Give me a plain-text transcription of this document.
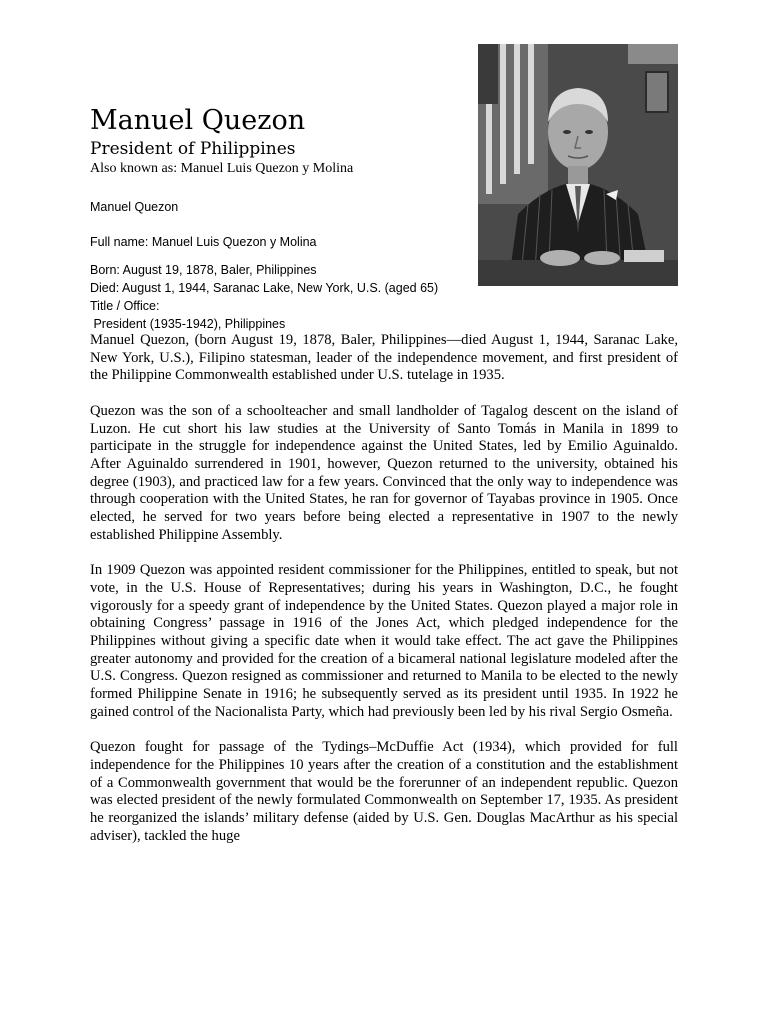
Manuel Quezon
President of Philippines
Also known as: Manuel Luis Quezon y Molina
Manuel Quezon
Full name: Manuel Luis Quezon y Molina
Born: August 19, 1878, Baler, Philippines
Died: August 1, 1944, Saranac Lake, New York, U.S. (aged 65)
Title / Office:
President (1935-1942), Philippines

Manuel Quezon, (born August 19, 1878, Baler, Philippines—died August 1, 1944, Saranac Lake, New York, U.S.), Filipino statesman, leader of the independence movement, and first president of the Philippine Commonwealth established under U.S. tutelage in 1935.

Quezon was the son of a schoolteacher and small landholder of Tagalog descent on the island of Luzon. He cut short his law studies at the University of Santo Tomás in Manila in 1899 to participate in the struggle for independence against the United States, led by Emilio Aguinaldo. After Aguinaldo surrendered in 1901, however, Quezon returned to the university, obtained his degree (1903), and practiced law for a few years. Convinced that the only way to independence was through cooperation with the United States, he ran for governor of Tayabas province in 1905. Once elected, he served for two years before being elected a representative in 1907 to the newly established Philippine Assembly.

In 1909 Quezon was appointed resident commissioner for the Philippines, entitled to speak, but not vote, in the U.S. House of Representatives; during his years in Washington, D.C., he fought vigorously for a speedy grant of independence by the United States. Quezon played a major role in obtaining Congress’ passage in 1916 of the Jones Act, which pledged independence for the Philippines without giving a specific date when it would take effect. The act gave the Philippines greater autonomy and provided for the creation of a bicameral national legislature modeled after the U.S. Congress. Quezon resigned as commissioner and returned to Manila to be elected to the newly formed Philippine Senate in 1916; he subsequently served as its president until 1935. In 1922 he gained control of the Nacionalista Party, which had previously been led by his rival Sergio Osmeña.

Quezon fought for passage of the Tydings–McDuffie Act (1934), which provided for full independence for the Philippines 10 years after the creation of a constitution and the establishment of a Commonwealth government that would be the forerunner of an independent republic. Quezon was elected president of the newly formulated Commonwealth on September 17, 1935. As president he reorganized the islands’ military defense (aided by U.S. Gen. Douglas MacArthur as his special adviser), tackled the huge
